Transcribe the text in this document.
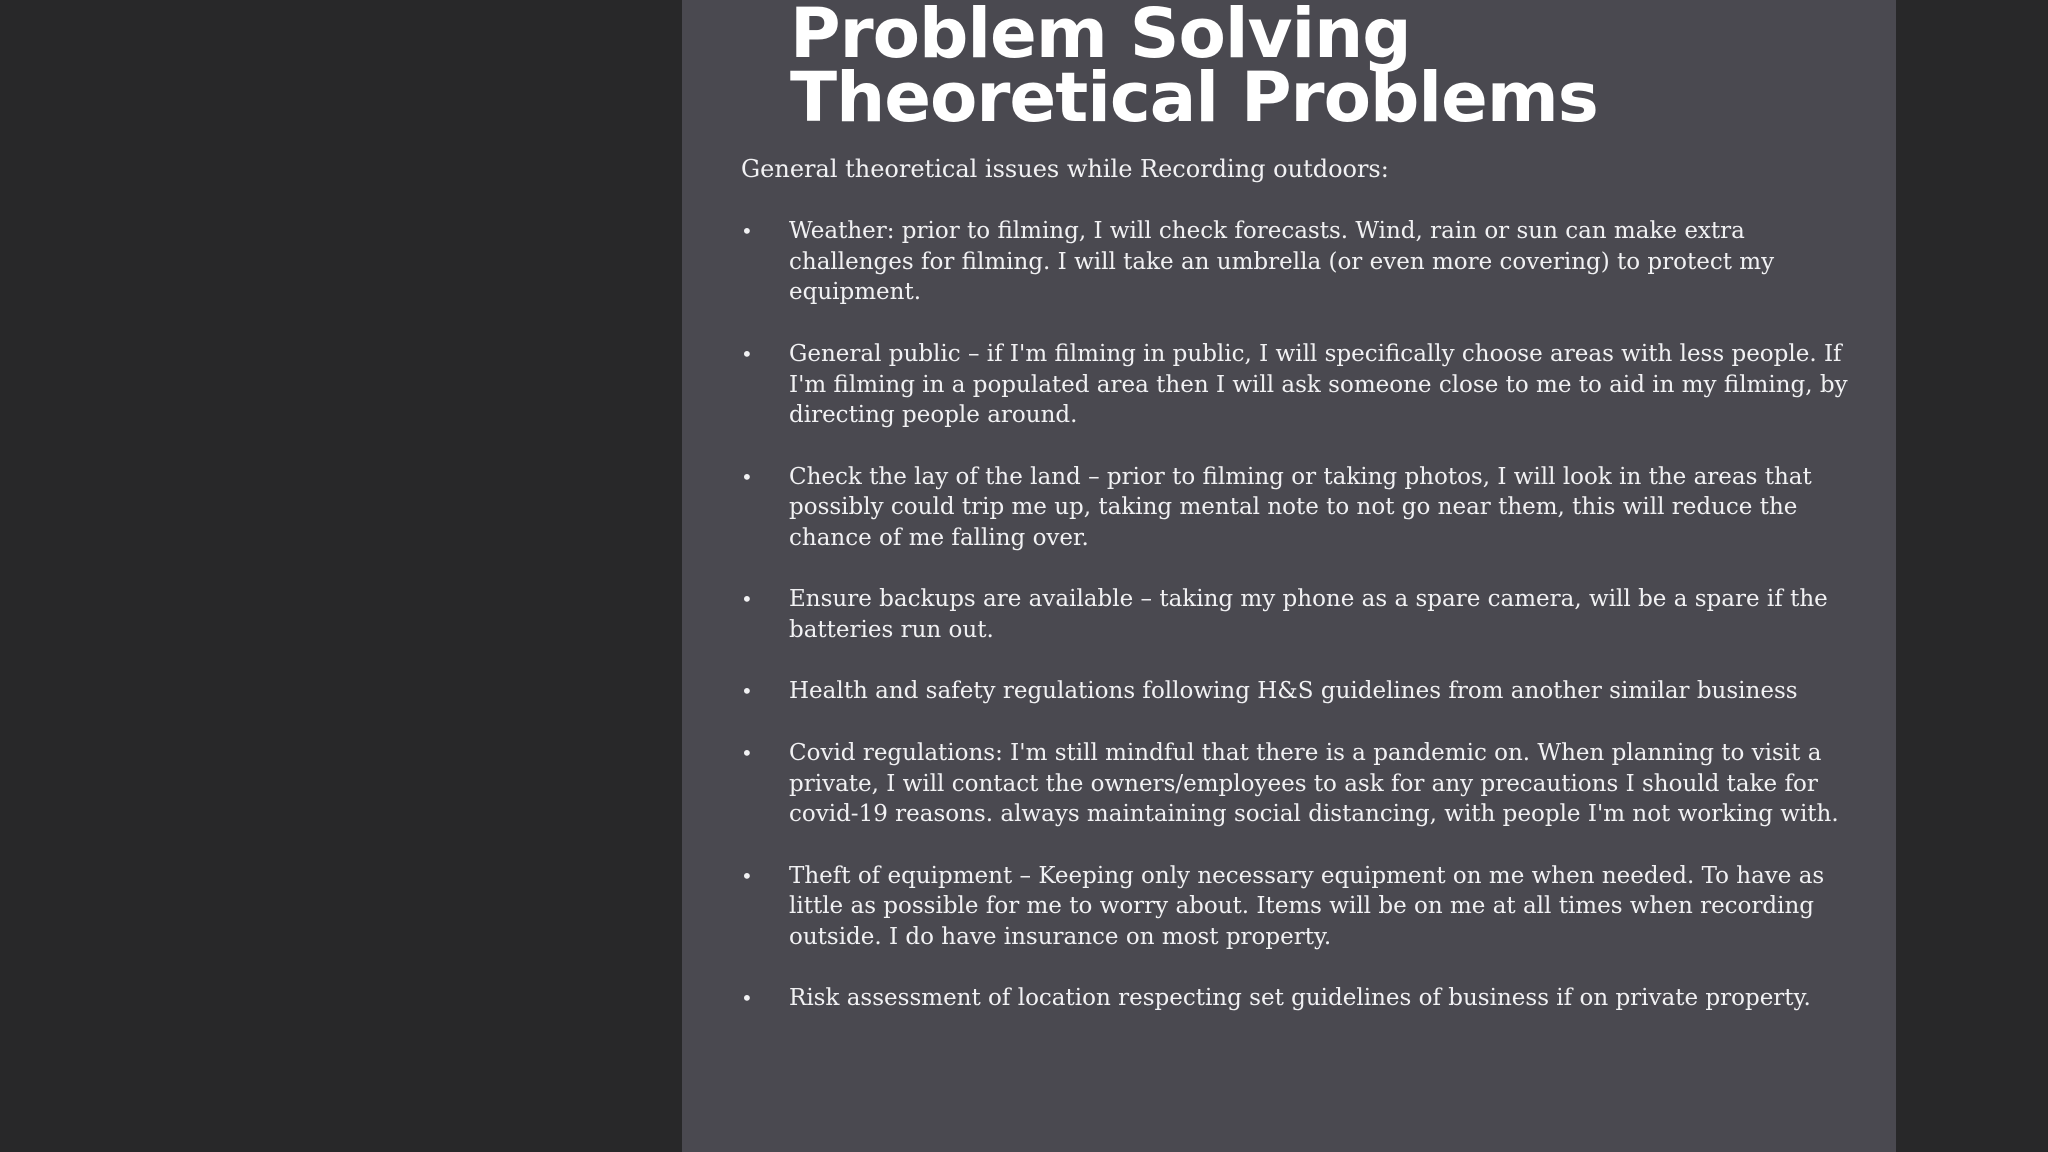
Problem Solving
Theoretical Problems

General theoretical issues while Recording outdoors:

•	Weather: prior to filming, I will check forecasts. Wind, rain or sun can make extra challenges for filming. I will take an umbrella (or even more covering) to protect my equipment.
•	General public – if I'm filming in public, I will specifically choose areas with less people. If I'm filming in a populated area then I will ask someone close to me to aid in my filming, by directing people around.
•	Check the lay of the land – prior to filming or taking photos, I will look in the areas that possibly could trip me up, taking mental note to not go near them, this will reduce the chance of me falling over.
•	Ensure backups are available – taking my phone as a spare camera, will be a spare if the batteries run out.
•	Health and safety regulations following H&S guidelines from another similar business
•	Covid regulations: I'm still mindful that there is a pandemic on. When planning to visit a private, I will contact the owners/employees to ask for any precautions I should take for covid-19 reasons. always maintaining social distancing, with people I'm not working with.
•	Theft of equipment – Keeping only necessary equipment on me when needed. To have as little as possible for me to worry about. Items will be on me at all times when recording outside. I do have insurance on most property.
•	Risk assessment of location respecting set guidelines of business if on private property.
